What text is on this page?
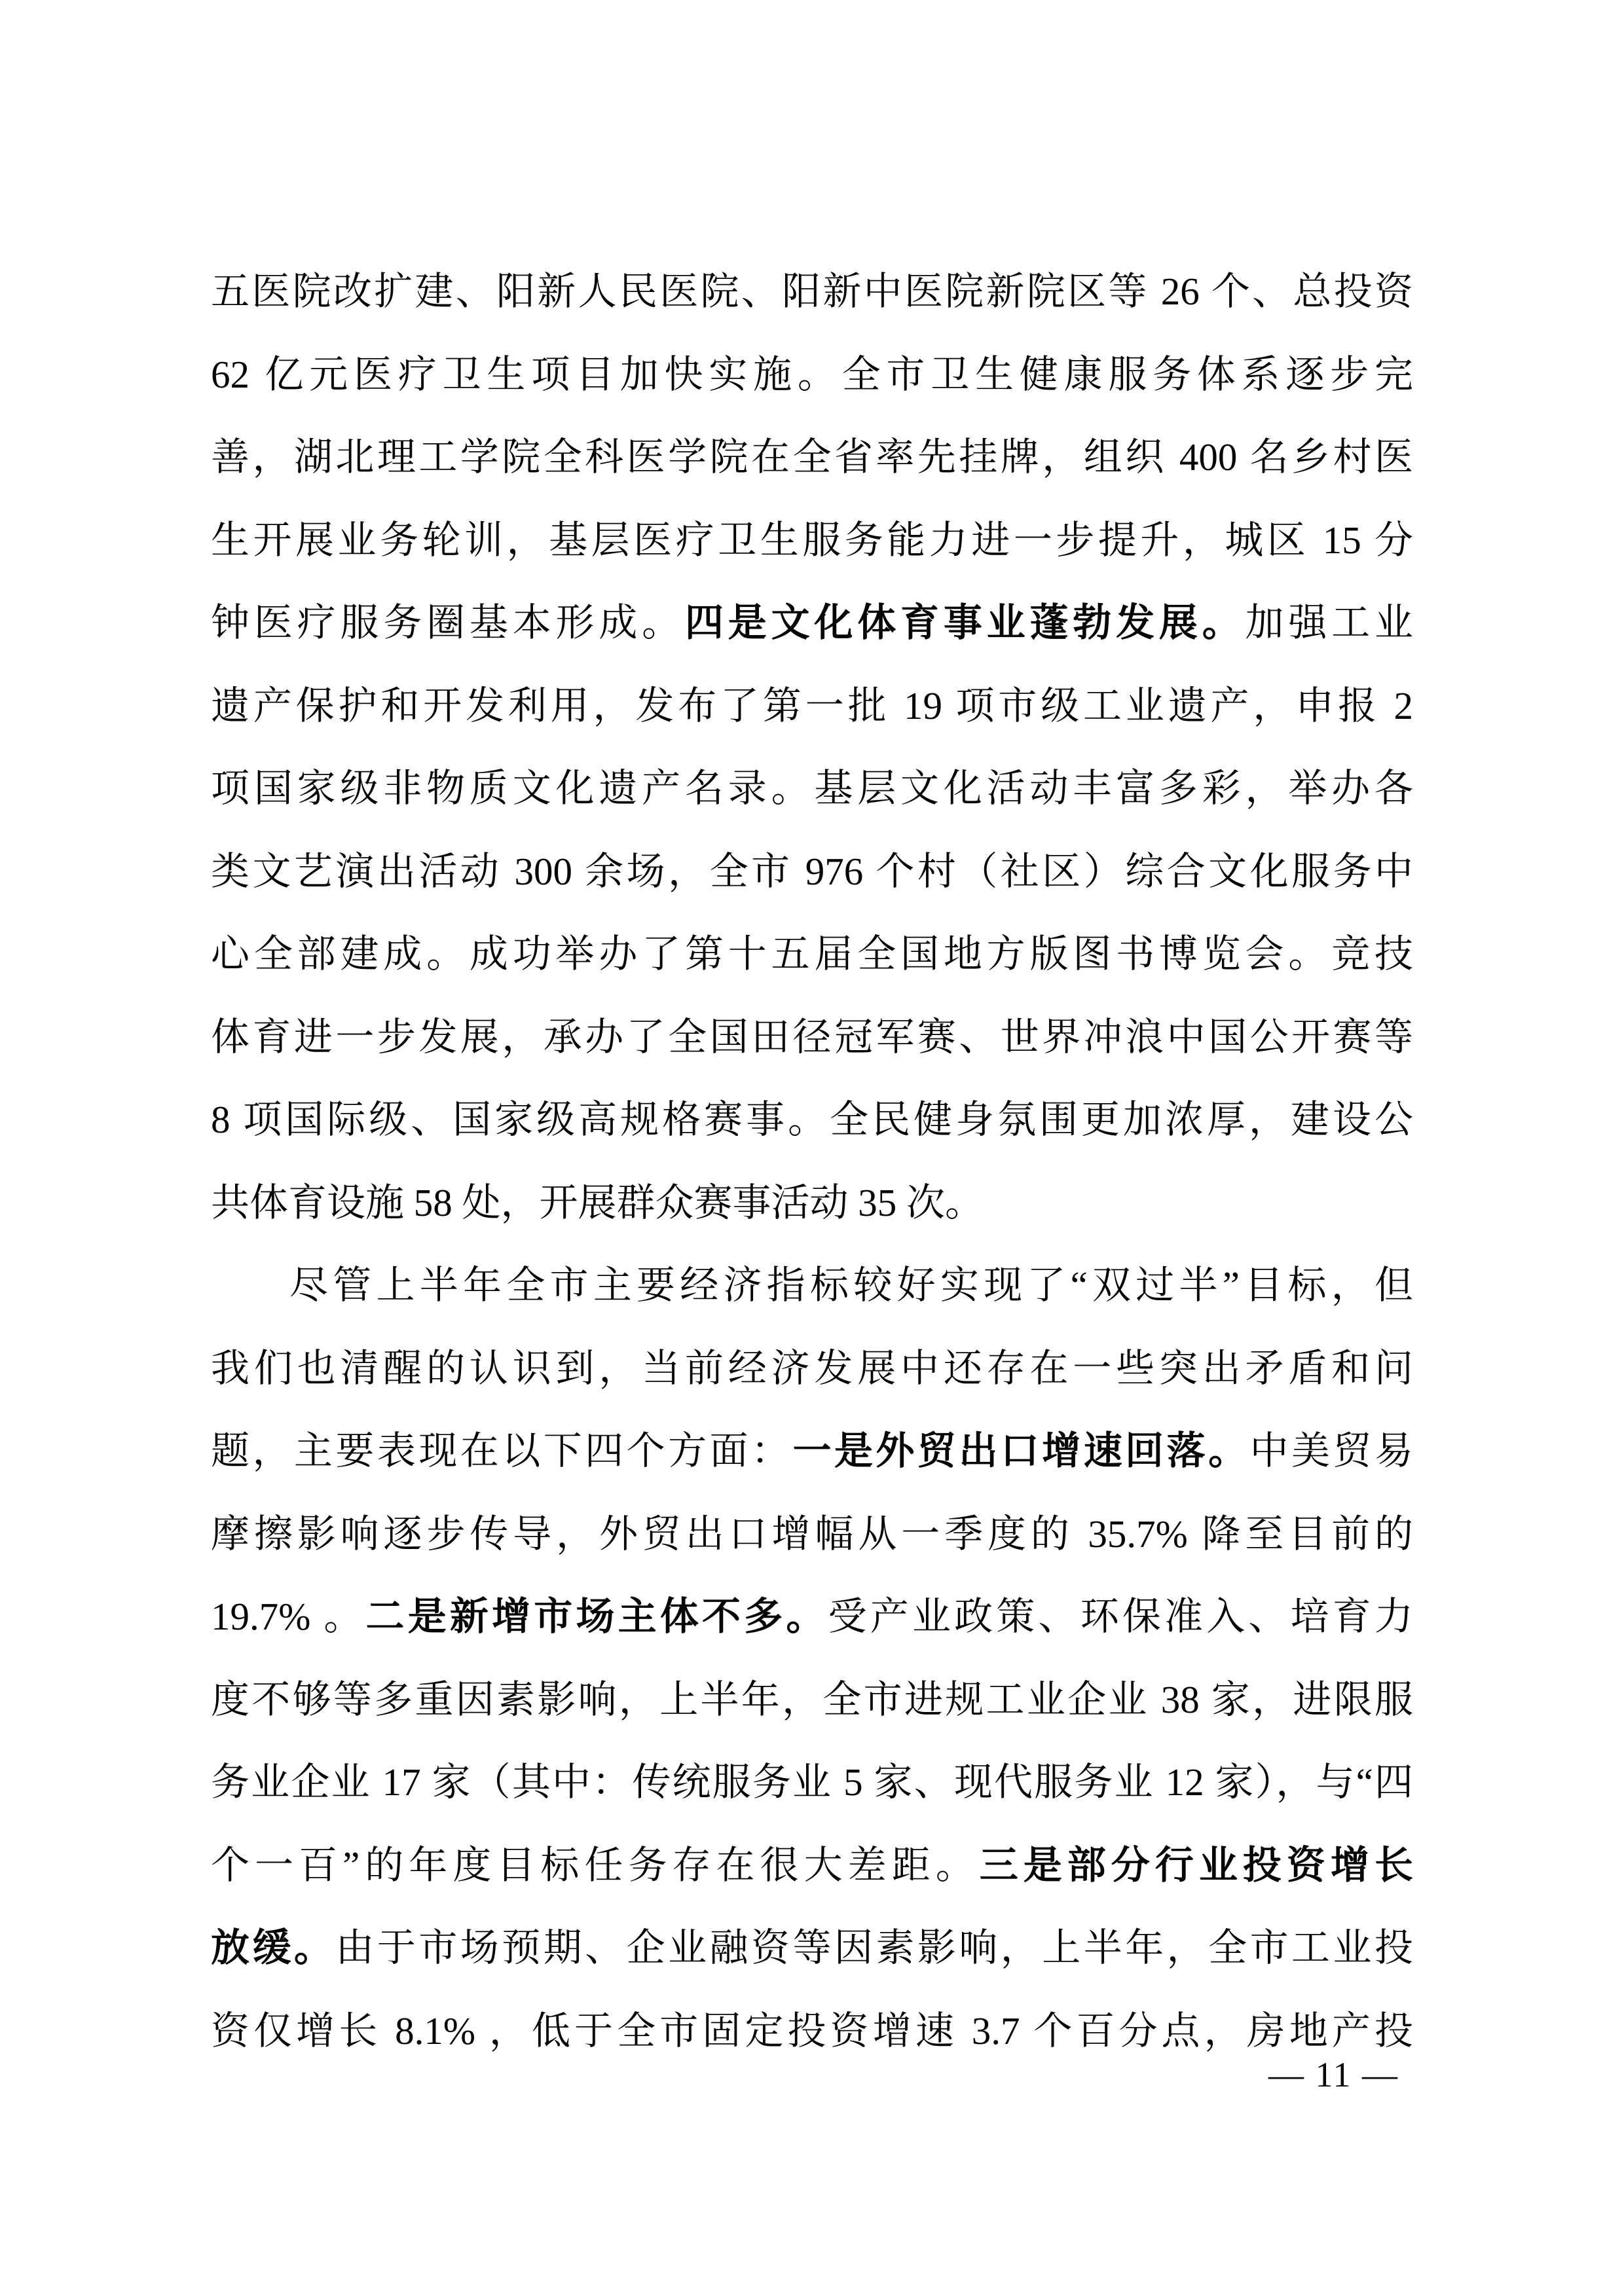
五医院改扩建、阳新人民医院、阳新中医院新院区等 26 个、总投资
62 亿元医疗卫生项目加快实施。全市卫生健康服务体系逐步完
善，湖北理工学院全科医学院在全省率先挂牌，组织 400 名乡村医
生开展业务轮训，基层医疗卫生服务能力进一步提升，城区 15 分
钟医疗服务圈基本形成。四是文化体育事业蓬勃发展。加强工业
遗产保护和开发利用，发布了第一批 19 项市级工业遗产，申报 2
项国家级非物质文化遗产名录。基层文化活动丰富多彩，举办各
类文艺演出活动 300 余场，全市 976 个村（社区）综合文化服务中
心全部建成。成功举办了第十五届全国地方版图书博览会。竞技
体育进一步发展，承办了全国田径冠军赛、世界冲浪中国公开赛等
8 项国际级、国家级高规格赛事。全民健身氛围更加浓厚，建设公
共体育设施 58 处，开展群众赛事活动 35 次。
尽管上半年全市主要经济指标较好实现了“双过半”目标，但
我们也清醒的认识到，当前经济发展中还存在一些突出矛盾和问
题，主要表现在以下四个方面：一是外贸出口增速回落。中美贸易
摩擦影响逐步传导，外贸出口增幅从一季度的 35.7% 降至目前的
19.7% 。二是新增市场主体不多。受产业政策、环保准入、培育力
度不够等多重因素影响，上半年，全市进规工业企业 38 家，进限服
务业企业 17 家（其中：传统服务业 5 家、现代服务业 12 家），与“四
个一百”的年度目标任务存在很大差距。三是部分行业投资增长
放缓。由于市场预期、企业融资等因素影响，上半年，全市工业投
资仅增长 8.1% ，低于全市固定投资增速 3.7 个百分点，房地产投
— 11 —
